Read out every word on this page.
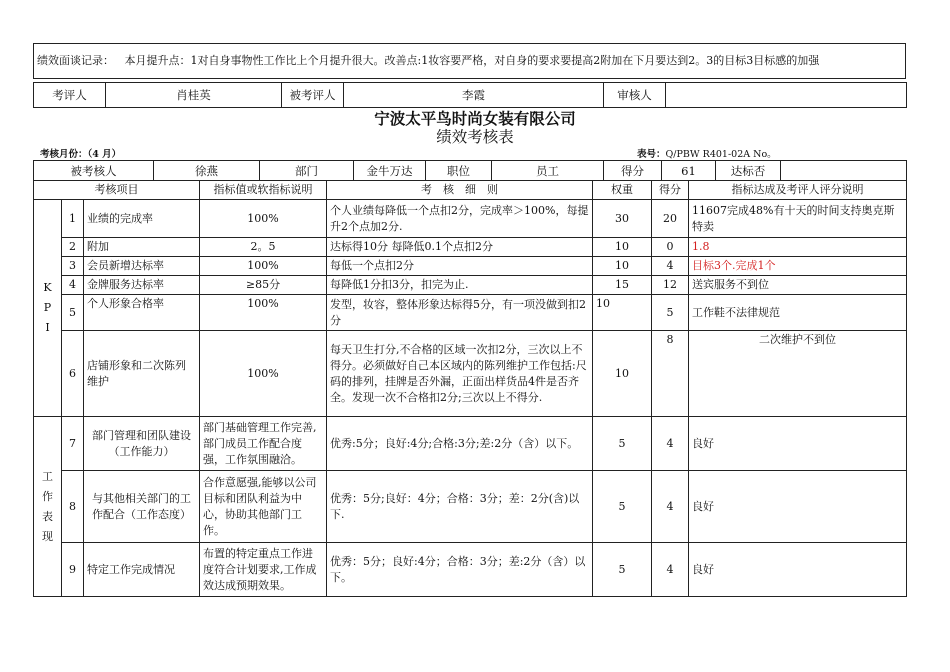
绩效面谈记录： 本月提升点：1对自身事物性工作比上个月提升很大。改善点:1妆容要严格，对自身的要求要提高2附加在下月要达到2。3的目标3目标感的加强
考评人	肖桂英	被考评人	李霞	审核人	
宁波太平鸟时尚女装有限公司
绩效考核表
考核月份：（4 月）	表号：Q/PBW R401-02A No。
被考核人	徐燕	部门	金牛万达	职位	员工	得分	61	达标否	
考核项目			指标值或软指标说明	考　核　细　则	权重	得分	指标达成及考评人评分说明

K P I	1	业绩的完成率	100%	个人业绩每降低一个点扣2分，完成率＞100%，每提升2个点加2分.	30	20	11607完成48%有十天的时间支持奥克斯特卖
	2	附加	2。5	达标得10分 每降低0.1个点扣2分	10	0	1.8
	3	会员新增达标率	100%	每低一个点扣2分	10	4	目标3个.完成1个
	4	金牌服务达标率	≥85分	每降低1分扣3分，扣完为止.	15	12	送宾服务不到位
	5	个人形象合格率	100%	发型，妆容，整体形象达标得5分，有一项没做到扣2分	10	5	工作鞋不法律规范
	6	店铺形象和二次陈列维护	100%	每天卫生打分,不合格的区域一次扣2分，三次以上不得分。必须做好自己本区域内的陈列维护工作包括:尺码的排列，挂牌是否外漏，正面出样货品4件是否齐全。发现一次不合格扣2分;三次以上不得分.	10	8	二次维护不到位

工作表现	7	部门管理和团队建设（工作能力）	部门基础管理工作完善,部门成员工作配合度强，工作氛围融洽。	优秀:5分；良好:4分;合格:3分;差:2分（含）以下。	5	4	良好
	8	与其他相关部门的工作配合（工作态度）	合作意愿强,能够以公司目标和团队利益为中心，协助其他部门工作。	优秀：5分;良好：4分；合格：3分；差：2分(含)以下.	5	4	良好
	9	特定工作完成情况	布置的特定重点工作进度符合计划要求,工作成效达成预期效果。	优秀：5分；良好:4分；合格：3分；差:2分（含）以下。	5	4	良好
